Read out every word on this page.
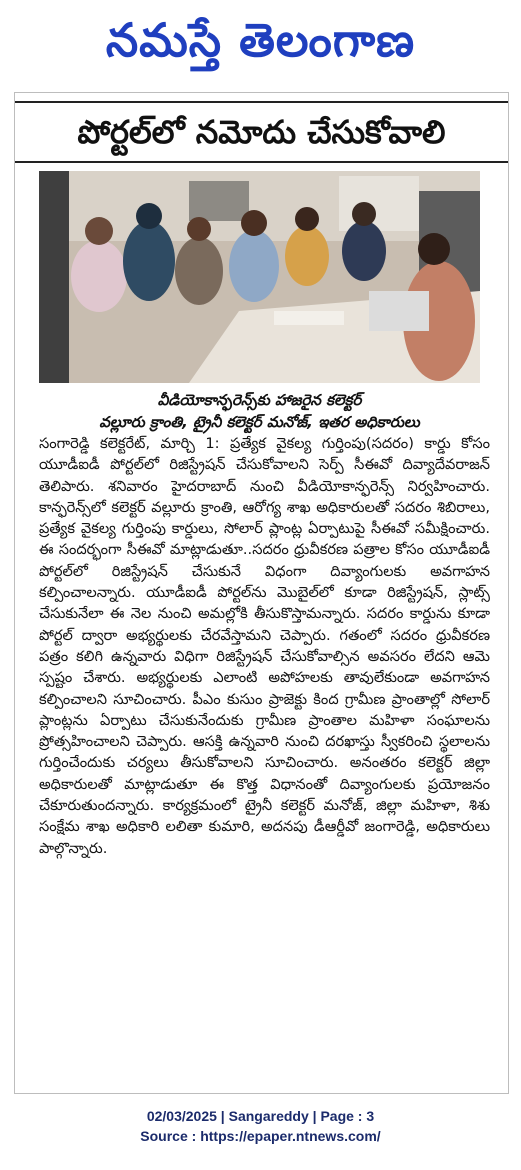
నమస్తే తెలంగాణ
పోర్టల్‌లో నమోదు చేసుకోవాలి
వీడియోకాన్ఫరెన్స్‌కు హాజరైన కలెక్టర్
వల్లూరు క్రాంతి, ట్రైనీ కలెక్టర్ మనోజ్, ఇతర అధికారులు
సంగారెడ్డి కలెక్టరేట్, మార్చి 1: ప్రత్యేక వైకల్య గుర్తింపు(సదరం) కార్డు కోసం యూడీఐడీ పోర్టల్‌లో రిజిస్ట్రేషన్ చేసుకోవాలని సెర్ప్ సీఈవో దివ్యాదేవరాజన్ తెలిపారు. శనివారం హైదరాబాద్ నుంచి వీడియోకాన్ఫరెన్స్ నిర్వహించారు. కాన్ఫరెన్స్‌లో కలెక్టర్ వల్లూరు క్రాంతి, ఆరోగ్య శాఖ అధికారులతో సదరం శిబిరాలు, ప్రత్యేక వైకల్య గుర్తింపు కార్డులు, సోలార్ ప్లాంట్ల ఏర్పాటుపై సీఈవో సమీక్షించారు. ఈ సందర్భంగా సీఈవో మాట్లాడుతూ..సదరం ధ్రువీకరణ పత్రాల కోసం యూడీఐడీ పోర్టల్‌లో రిజిస్ట్రేషన్ చేసుకునే విధంగా దివ్యాంగులకు అవగాహన కల్పించాలన్నారు. యూడీఐడీ పోర్టల్‌ను మొబైల్‌లో కూడా రిజిస్ట్రేషన్, స్లాట్స్ చేసుకునేలా ఈ నెల నుంచి అమల్లోకి తీసుకొస్తామన్నారు. సదరం కార్డును కూడా పోర్టల్ ద్వారా అభ్యర్థులకు చేరవేస్తామని చెప్పారు. గతంలో సదరం ధ్రువీకరణ పత్రం కలిగి ఉన్నవారు విధిగా రిజిస్ట్రేషన్ చేసుకోవాల్సిన అవసరం లేదని ఆమె స్పష్టం చేశారు. అభ్యర్థులకు ఎలాంటి అపోహలకు తావులేకుండా అవగాహన కల్పించాలని సూచించారు. పీఎం కుసుం ప్రాజెక్టు కింద గ్రామీణ ప్రాంతాల్లో సోలార్ ప్లాంట్లను ఏర్పాటు చేసుకునేందుకు గ్రామీణ ప్రాంతాల మహిళా సంఘాలను ప్రోత్సహించాలని చెప్పారు. ఆసక్తి ఉన్నవారి నుంచి దరఖాస్తు స్వీకరించి స్థలాలను గుర్తించేందుకు చర్యలు తీసుకోవాలని సూచించారు. అనంతరం కలెక్టర్ జిల్లా అధికారులతో మాట్లాడుతూ ఈ కొత్త విధానంతో దివ్యాంగులకు ప్రయోజనం చేకూరుతుందన్నారు. కార్యక్రమంలో ట్రైనీ కలెక్టర్ మనోజ్, జిల్లా మహిళా, శిశు సంక్షేమ శాఖ అధికారి లలితా కుమారి, అదనపు డీఆర్డీవో జంగారెడ్డి, అధికారులు పాల్గొన్నారు.
02/03/2025 | Sangareddy | Page : 3
Source : https://epaper.ntnews.com/
